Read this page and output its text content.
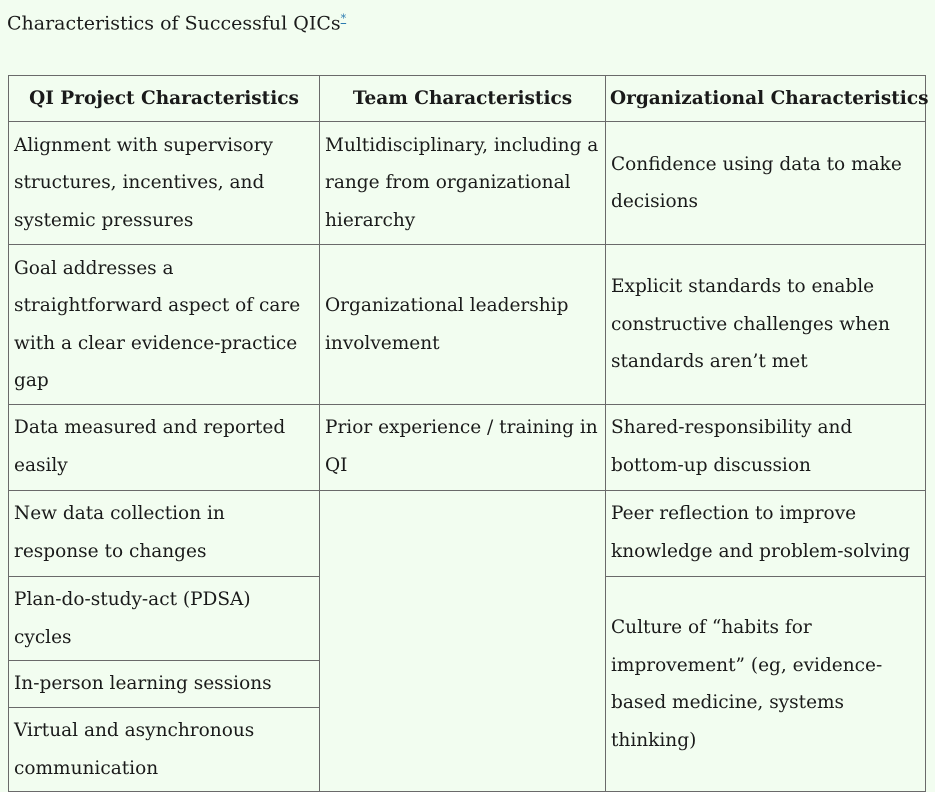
Characteristics of Successful QICs*
QI Project Characteristics	Team Characteristics	Organizational Characteristics
Alignment with supervisory structures, incentives, and systemic pressures	Multidisciplinary, including a range from organizational hierarchy	Confidence using data to make decisions
Goal addresses a straightforward aspect of care with a clear evidence-practice gap	Organizational leadership involvement	Explicit standards to enable constructive challenges when standards aren’t met
Data measured and reported easily	Prior experience / training in QI	Shared-responsibility and bottom-up discussion
New data collection in response to changes		Peer reflection to improve knowledge and problem-solving
Plan-do-study-act (PDSA) cycles		Culture of “habits for improvement” (eg, evidence-based medicine, systems thinking)
In-person learning sessions		
Virtual and asynchronous communication		
